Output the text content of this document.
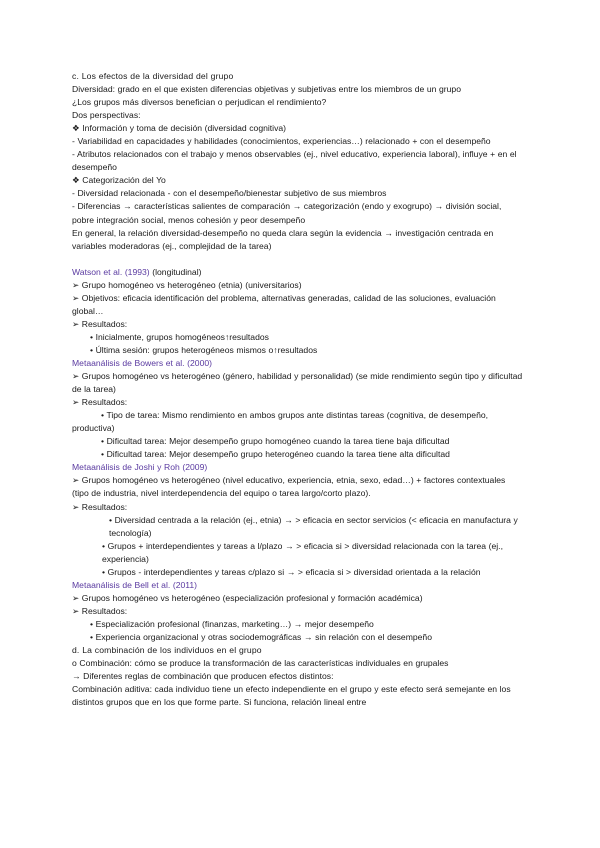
c. Los efectos de la diversidad del grupo
Diversidad: grado en el que existen diferencias objetivas y subjetivas entre los miembros de un grupo
¿Los grupos más diversos benefician o perjudican el rendimiento?
Dos perspectivas:
❖ Información y toma de decisión (diversidad cognitiva)
- Variabilidad en capacidades y habilidades (conocimientos, experiencias…) relacionado + con el desempeño
- Atributos relacionados con el trabajo y menos observables (ej., nivel educativo, experiencia laboral), influye + en el desempeño
❖ Categorización del Yo
- Diversidad relacionada - con el desempeño/bienestar subjetivo de sus miembros
- Diferencias → características salientes de comparación → categorización (endo y exogrupo) → división social, pobre integración social, menos cohesión y peor desempeño
En general, la relación diversidad-desempeño no queda clara según la evidencia → investigación centrada en variables moderadoras (ej., complejidad de la tarea)
Watson et al. (1993) (longitudinal)
➢ Grupo homogéneo vs heterogéneo (etnia) (universitarios)
➢ Objetivos: eficacia identificación del problema, alternativas generadas, calidad de las soluciones, evaluación global…
➢ Resultados:
• Inicialmente, grupos homogéneos↑resultados
• Última sesión: grupos heterogéneos mismos o↑resultados
Metaanálisis de Bowers et al. (2000)
➢ Grupos homogéneo vs heterogéneo (género, habilidad y personalidad) (se mide rendimiento según tipo y dificultad de la tarea)
➢ Resultados:
• Tipo de tarea: Mismo rendimiento en ambos grupos ante distintas tareas (cognitiva, de desempeño,
productiva)
• Dificultad tarea: Mejor desempeño grupo homogéneo cuando la tarea tiene baja dificultad
• Dificultad tarea: Mejor desempeño grupo heterogéneo cuando la tarea tiene alta dificultad
Metaanálisis de Joshi y Roh (2009)
➢ Grupos homogéneo vs heterogéneo (nivel educativo, experiencia, etnia, sexo, edad…) + factores contextuales (tipo de industria, nivel interdependencia del equipo o tarea largo/corto plazo).
➢ Resultados:
• Diversidad centrada a la relación (ej., etnia) → > eficacia en sector servicios (< eficacia en manufactura y tecnología)
• Grupos + interdependientes y tareas a l/plazo → > eficacia si > diversidad relacionada con la tarea (ej., experiencia)
• Grupos - interdependientes y tareas c/plazo si → > eficacia si > diversidad orientada a la relación
Metaanálisis de Bell et al. (2011)
➢ Grupos homogéneo vs heterogéneo (especialización profesional y formación académica)
➢ Resultados:
• Especialización profesional (finanzas, marketing…) → mejor desempeño
• Experiencia organizacional y otras sociodemográficas → sin relación con el desempeño
d. La combinación de los individuos en el grupo
o Combinación: cómo se produce la transformación de las características individuales en grupales
→ Diferentes reglas de combinación que producen efectos distintos:
Combinación aditiva: cada individuo tiene un efecto independiente en el grupo y este efecto será semejante en los distintos grupos que en los que forme parte. Si funciona, relación lineal entre
